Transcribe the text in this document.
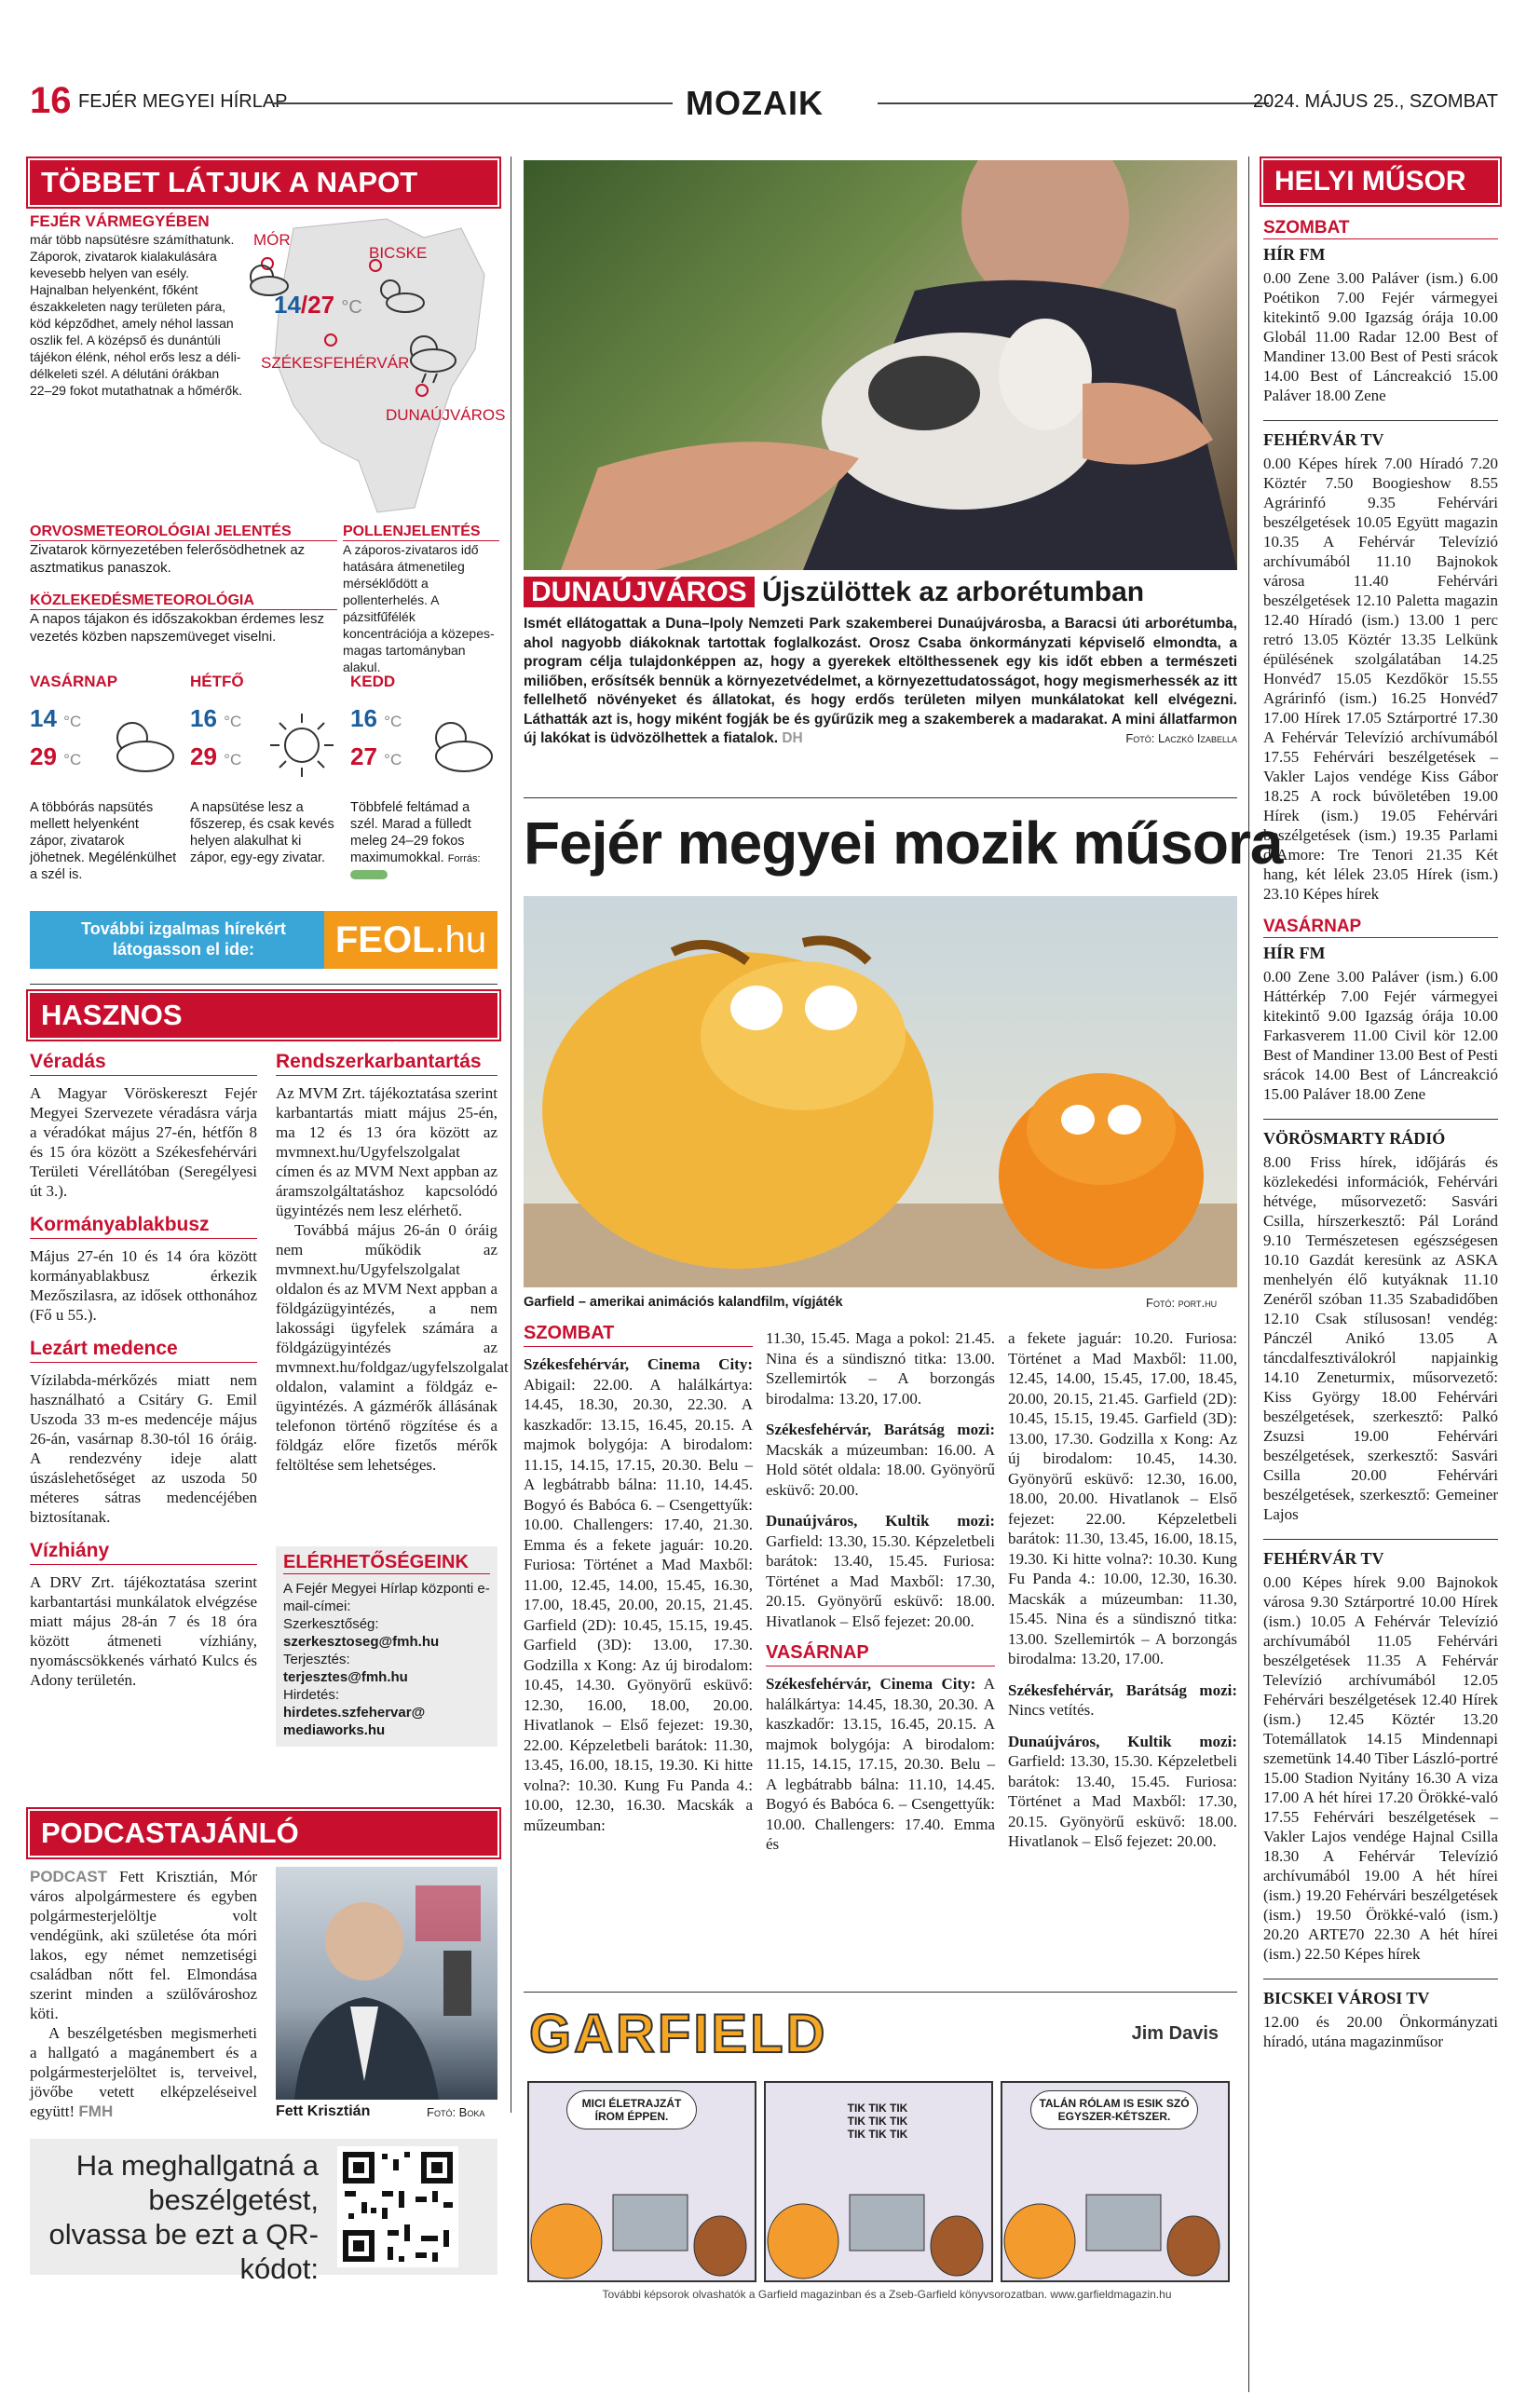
16 FEJÉR MEGYEI HÍRLAP	MOZAIK	2024. MÁJUS 25., SZOMBAT
TÖBBET LÁTJUK A NAPOT
FEJÉR VÁRMEGYÉBEN
már több napsütésre számíthatunk. Záporok, zivatarok kialakulására kevesebb helyen van esély. Hajnalban helyenként, főként északkeleten nagy területen pára, köd képződhet, amely néhol lassan oszlik fel. A középső és dunántúli tájékon élénk, néhol erős lesz a déli-délkeleti szél. A délutáni órákban 22–29 fokot mutathatnak a hőmérők.
MÓR
BICSKE
SZÉKESFEHÉRVÁR
DUNAÚJVÁROS
14/27 °C
ORVOSMETEOROLÓGIAI JELENTÉS
Zivatarok környezetében felerősödhetnek az asztmatikus panaszok.
KÖZLEKEDÉSMETEOROLÓGIA
A napos tájakon és időszakokban érdemes lesz vezetés közben napszemüveget viselni.
POLLENJELENTÉS
A záporos-zivataros idő hatására átmenetileg mérséklődött a pollenterhelés. A pázsitfűfélék koncentrációja a közepes-magas tartományban alakul.
VASÁRNAP
14 °C
29 °C
A többórás napsütés mellett helyenként zápor, zivatarok jöhetnek. Megélénkülhet a szél is.
HÉTFŐ
16 °C
29 °C
A napsütése lesz a főszerep, és csak kevés helyen alakulhat ki zápor, egy-egy zivatar.
KEDD
16 °C
27 °C
Többfelé feltámad a szél. Marad a fülledt meleg 24–29 fokos maximumokkal. Forrás:
További izgalmas hírekért
látogasson el ide:	FEOL.hu
HASZNOS
Véradás

A Magyar Vöröskereszt Fejér Megyei Szervezete véradásra várja a véradókat május 27-én, hétfőn 8 és 15 óra között a Székesfehérvári Területi Vérellátóban (Seregélyesi út 3.).

Kormányablakbusz

Május 27-én 10 és 14 óra között kormányablakbusz érkezik Mezőszilasra, az idősek otthonához (Fő u 55.).

Lezárt medence

Vízilabda-mérkőzés miatt nem használható a Csitáry G. Emil Uszoda 33 m-es medencéje május 26-án, vasárnap 8.30-tól 16 óráig. A rendezvény ideje alatt úszáslehetőséget az uszoda 50 méteres sátras medencéjében biztosítanak.

Vízhiány

A DRV Zrt. tájékoztatása szerint karbantartási munkálatok elvégzése miatt május 28-án 7 és 18 óra között átmeneti vízhiány, nyomáscsökkenés várható Kulcs és Adony területén.

Rendszerkarbantartás

Az MVM Zrt. tájékoztatása szerint karbantartás miatt május 25-én, ma 12 és 13 óra között az mvmnext.hu/Ugyfelszolgalat címen és az MVM Next appban az áramszolgáltatáshoz kapcsolódó ügyintézés nem lesz elérhető.

Továbbá május 26-án 0 óráig nem működik az mvmnext.hu/Ugyfelszolgalat oldalon és az MVM Next appban a földgázügyintézés, a nem lakossági ügyfelek számára a földgázügyintézés az mvmnext.hu/foldgaz/ugyfelszolgalat oldalon, valamint a földgáz e-ügyintézés. A gázmérők állásának telefonon történő rögzítése és a földgáz előre fizetős mérők feltöltése sem lehetséges.

ELÉRHETŐSÉGEINK
A Fejér Megyei Hírlap központi e-mail-címei:
Szerkesztőség:
szerkesztoseg@fmh.hu
Terjesztés:
terjesztes@fmh.hu
Hirdetés:
hirdetes.szfehervar@ mediaworks.hu
PODCASTAJÁNLÓ

PODCAST Fett Krisztián, Mór város alpolgármestere és egyben polgármesterjelöltje volt vendégünk, aki születése óta móri lakos, egy német nemzetiségi családban nőtt fel. Elmondása szerint minden a szülővároshoz köti.

A beszélgetésben megismerheti a hallgató a magánembert és a polgármesterjelöltet is, terveivel, jövőbe vetett elképzeléseivel együtt! FMH	Fett Krisztián	Fotó: Boka
Ha meghallgatná a beszélgetést, olvassa be ezt a QR-kódot:
DUNAÚJVÁROS Újszülöttek az arborétumban
Ismét ellátogattak a Duna–Ipoly Nemzeti Park szakemberei Dunaújvárosba, a Baracsi úti arborétumba, ahol nagyobb diákoknak tartottak foglalkozást. Orosz Csaba önkormányzati képviselő elmondta, a program célja tulajdonképpen az, hogy a gyerekek eltölthessenek egy kis időt ebben a természeti miliőben, erősítsék bennük a környezetvédelmet, a környezettudatosságot, hogy megismerhessék az itt fellelhető növényeket és állatokat, és hogy erdős területen milyen munkálatokat kell elvégezni. Láthatták azt is, hogy miként fogják be és gyűrűzik meg a szakemberek a madarakat. A mini állatfarmon új lakókat is üdvözölhettek a fiatalok. DH	Fotó: Laczkó Izabella
Fejér megyei mozik műsora
Garfield – amerikai animációs kalandfilm, vígjáték	Fotó: port.hu
SZOMBAT

Székesfehérvár, Cinema City: Abigail: 22.00. A halálkártya: 14.45, 18.30, 20.30, 22.30. A kaszkadőr: 13.15, 16.45, 20.15. A majmok bolygója: A birodalom: 11.15, 14.15, 17.15, 20.30. Belu – A legbátrabb bálna: 11.10, 14.45. Bogyó és Babóca 6. – Csengettyűk: 10.00. Challengers: 17.40, 21.30. Emma és a fekete jaguár: 10.20. Furiosa: Történet a Mad Maxből: 11.00, 12.45, 14.00, 15.45, 16.30, 17.00, 18.45, 20.00, 20.15, 21.45. Garfield (2D): 10.45, 15.15, 19.45. Garfield (3D): 13.00, 17.30. Godzilla x Kong: Az új birodalom: 10.45, 14.30. Gyönyörű esküvő: 12.30, 16.00, 18.00, 20.00. Hivatlanok – Első fejezet: 19.30, 22.00. Képzeletbeli barátok: 11.30, 13.45, 16.00, 18.15, 19.30. Ki hitte volna?: 10.30. Kung Fu Panda 4.: 10.00, 12.30, 16.30. Macskák a műzeumban:

11.30, 15.45. Maga a pokol: 21.45. Nina és a sündisznó titka: 13.00. Szellemirtók – A borzongás birodalma: 13.20, 17.00.

Székesfehérvár, Barátság mozi: Macskák a múzeumban: 16.00. A Hold sötét oldala: 18.00. Gyönyörű esküvő: 20.00.

Dunaújváros, Kultik mozi: Garfield: 13.30, 15.30. Képzeletbeli barátok: 13.40, 15.45. Furiosa: Történet a Mad Maxből: 17.30, 20.15. Gyönyörű esküvő: 18.00. Hivatlanok – Első fejezet: 20.00.

VASÁRNAP

Székesfehérvár, Cinema City: A halálkártya: 14.45, 18.30, 20.30. A kaszkadőr: 13.15, 16.45, 20.15. A majmok bolygója: A birodalom: 11.15, 14.15, 17.15, 20.30. Belu – A legbátrabb bálna: 11.10, 14.45. Bogyó és Babóca 6. – Csengettyűk: 10.00. Challengers: 17.40. Emma és

a fekete jaguár: 10.20. Furiosa: Történet a Mad Maxből: 11.00, 12.45, 14.00, 15.45, 17.00, 18.45, 20.00, 20.15, 21.45. Garfield (2D): 10.45, 15.15, 19.45. Garfield (3D): 13.00, 17.30. Godzilla x Kong: Az új birodalom: 10.45, 14.30. Gyönyörű esküvő: 12.30, 16.00, 18.00, 20.00. Hivatlanok – Első fejezet: 22.00. Képzeletbeli barátok: 11.30, 13.45, 16.00, 18.15, 19.30. Ki hitte volna?: 10.30. Kung Fu Panda 4.: 10.00, 12.30, 16.30. Macskák a múzeumban: 11.30, 15.45. Nina és a sündisznó titka: 13.00. Szellemirtók – A borzongás birodalma: 13.20, 17.00.

Székesfehérvár, Barátság mozi: Nincs vetítés.

Dunaújváros, Kultik mozi: Garfield: 13.30, 15.30. Képzeletbeli barátok: 13.40, 15.45. Furiosa: Történet a Mad Maxből: 17.30, 20.15. Gyönyörű esküvő: 18.00. Hivatlanok – Első fejezet: 20.00.

GARFIELD	Jim Davis
MICI ÉLETRAJZÁT ÍROM ÉPPEN.
TIK TIK TIK
TIK TIK TIK
TIK TIK TIK
TALÁN RÓLAM IS ESIK SZÓ EGYSZER-KÉTSZER.
További képsorok olvashatók a Garfield magazinban és a Zseb-Garfield könyvsorozatban. www.garfieldmagazin.hu
HELYI MŰSOR
SZOMBAT
HÍR FM

0.00 Zene 3.00 Paláver (ism.) 6.00 Poétikon 7.00 Fejér vármegyei kitekintő 9.00 Igazság órája 10.00 Globál 11.00 Radar 12.00 Best of Mandiner 13.00 Best of Pesti srácok 14.00 Best of Láncreakció 15.00 Paláver 18.00 Zene

FEHÉRVÁR TV

0.00 Képes hírek 7.00 Híradó 7.20 Köztér 7.50 Boogieshow 8.55 Agrárinfó 9.35 Fehérvári beszélgetések 10.05 Együtt magazin 10.35 A Fehérvár Televízió archívumából 11.10 Bajnokok városa 11.40 Fehérvári beszélgetések 12.10 Paletta magazin 12.40 Híradó (ism.) 13.00 1 perc retró 13.05 Köztér 13.35 Lelkünk épülésének szolgálatában 14.25 Honvéd7 15.05 Kezdőkör 15.55 Agrárinfó (ism.) 16.25 Honvéd7 17.00 Hírek 17.05 Sztárportré 17.30 A Fehérvár Televízió archívumából 17.55 Fehérvári beszélgetések –Vakler Lajos vendége Kiss Gábor 18.25 A rock búvöletében 19.00 Hírek (ism.) 19.05 Fehérvári beszélgetések (ism.) 19.35 Parlami d’Amore: Tre Tenori 21.35 Két hang, két lélek 23.05 Hírek (ism.) 23.10 Képes hírek

VASÁRNAP
HÍR FM

0.00 Zene 3.00 Paláver (ism.) 6.00 Háttérkép 7.00 Fejér vármegyei kitekintő 9.00 Igazság órája 10.00 Farkasverem 11.00 Civil kör 12.00 Best of Mandiner 13.00 Best of Pesti srácok 14.00 Best of Láncreakció 15.00 Paláver 18.00 Zene

VÖRÖSMARTY RÁDIÓ

8.00 Friss hírek, időjárás és közlekedési információk, Fehérvári hétvége, műsorvezető: Sasvári Csilla, hírszerkesztő: Pál Loránd 9.10 Természetesen egészségesen 10.10 Gazdát keresünk az ASKA menhelyén élő kutyáknak 11.10 Zenéről szóban 11.35 Szabadidőben 12.10 Csak stílusosan! vendég: Pánczél Anikó 13.05 A táncdalfesztiválokról napjainkig 14.10 Zeneturmix, műsorvezető: Kiss György 18.00 Fehérvári beszélgetések, szerkesztő: Palkó Zsuzsi 19.00 Fehérvári beszélgetések, szerkesztő: Sasvári Csilla 20.00 Fehérvári beszélgetések, szerkesztő: Gemeiner Lajos

FEHÉRVÁR TV

0.00 Képes hírek 9.00 Bajnokok városa 9.30 Sztárportré 10.00 Hírek (ism.) 10.05 A Fehérvár Televízió archívumából 11.05 Fehérvári beszélgetések 11.35 A Fehérvár Televízió archívumából 12.05 Fehérvári beszélgetések 12.40 Hírek (ism.) 12.45 Köztér 13.20 Totemállatok 14.15 Mindennapi szemetünk 14.40 Tiber László-portré 15.00 Stadion Nyitány 16.30 A viza 17.00 A hét hírei 17.20 Örökké-való 17.55 Fehérvári beszélgetések – Vakler Lajos vendége Hajnal Csilla 18.30 A Fehérvár Televízió archívumából 19.00 A hét hírei (ism.) 19.20 Fehérvári beszélgetések (ism.) 19.50 Örökké-való (ism.) 20.20 ARTE70 22.30 A hét hírei (ism.) 22.50 Képes hírek

BICSKEI VÁROSI TV

12.00 és 20.00 Önkormányzati híradó, utána magazinműsor
